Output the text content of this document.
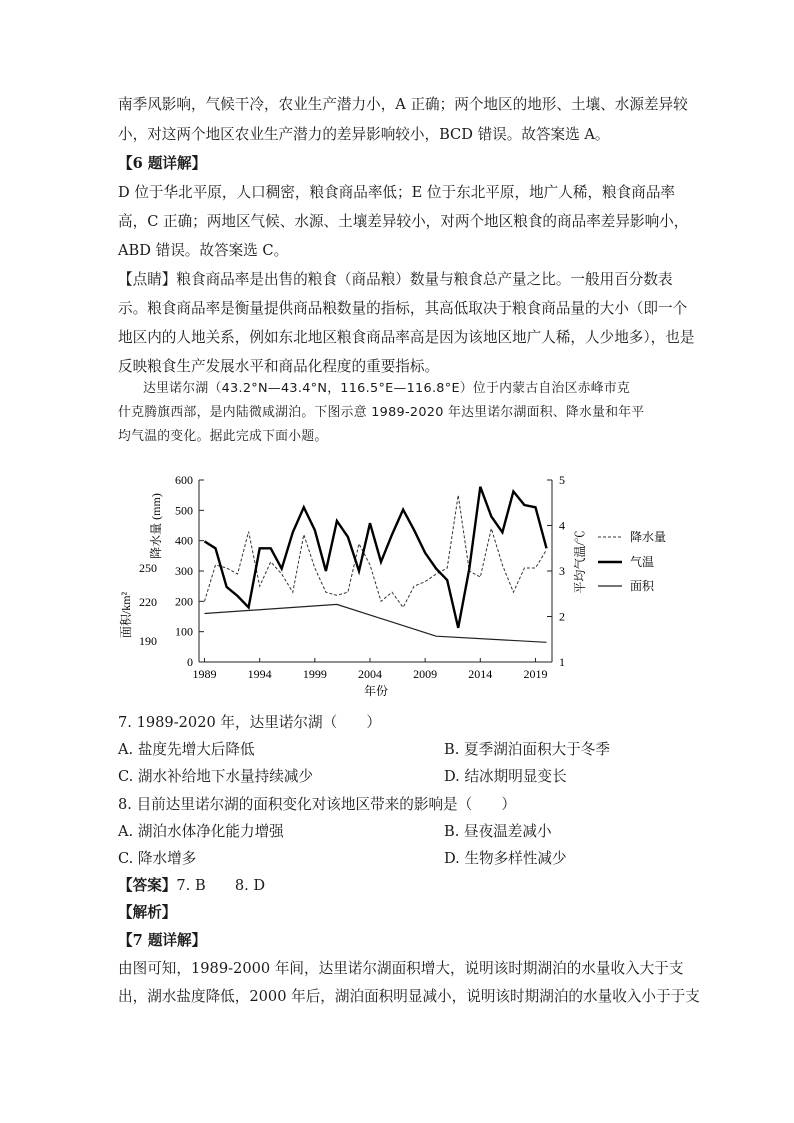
南季风影响，气候干冷，农业生产潜力小，A 正确；两个地区的地形、土壤、水源差异较
小，对这两个地区农业生产潜力的差异影响较小，BCD 错误。故答案选 A。
【6 题详解】
D 位于华北平原，人口稠密，粮食商品率低；E 位于东北平原，地广人稀，粮食商品率
高，C 正确；两地区气候、水源、土壤差异较小，对两个地区粮食的商品率差异影响小，
ABD 错误。故答案选 C。
【点睛】粮食商品率是出售的粮食（商品粮）数量与粮食总产量之比。一般用百分数表
示。粮食商品率是衡量提供商品粮数量的指标，其高低取决于粮食商品量的大小（即一个
地区内的人地关系，例如东北地区粮食商品率高是因为该地区地广人稀，人少地多），也是
反映粮食生产发展水平和商品化程度的重要指标。
达里诺尔湖（43.2°N—43.4°N，116.5°E—116.8°E）位于内蒙古自治区赤峰市克
什克腾旗西部，是内陆微咸湖泊。下图示意 1989-2020 年达里诺尔湖面积、降水量和年平
均气温的变化。据此完成下面小题。
0
100
200
300
400
500
600
1
2
3
4
5
190
220
250
1989	1994	1999	2004	2009	2014	2019
年份
降水量 (mm)
面积/km²
平均气温/℃	降水量
气温
面积
7. 1989-2020 年，达里诺尔湖（　　）
A. 盐度先增大后降低	B. 夏季湖泊面积大于冬季
C. 湖水补给地下水量持续减少	D. 结冰期明显变长
8. 目前达里诺尔湖的面积变化对该地区带来的影响是（　　）
A. 湖泊水体净化能力增强	B. 昼夜温差减小
C. 降水增多	D. 生物多样性减少
【答案】7. B　　8. D
【解析】
【7 题详解】
由图可知，1989-2000 年间，达里诺尔湖面积增大，说明该时期湖泊的水量收入大于支
出，湖水盐度降低，2000 年后，湖泊面积明显减小，说明该时期湖泊的水量收入小于于支
